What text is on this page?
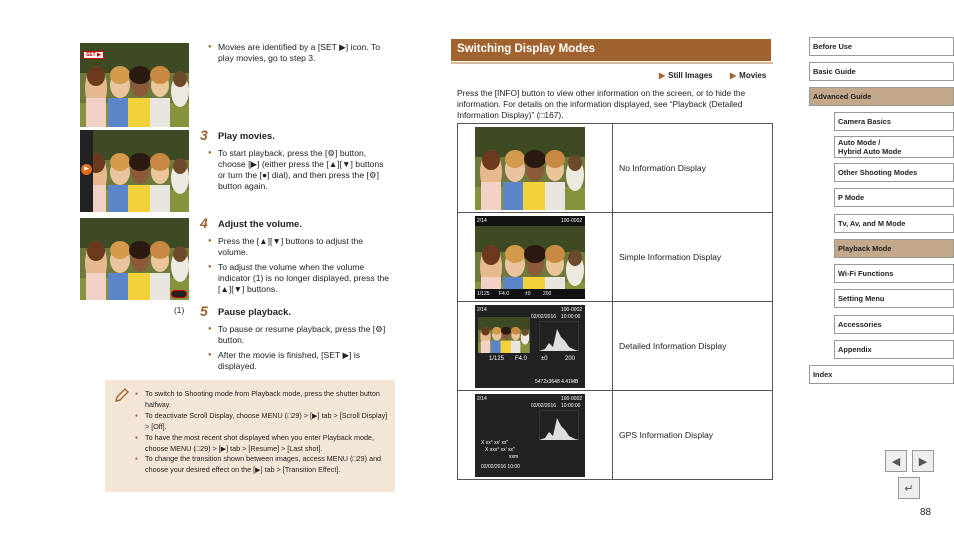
SET ▶
▶
(1)
● Movies are identified by a [SET ▶] icon. To play movies, go to step 3.
3 Play movies.
● To start playback, press the [⚙] button, choose [▶] (either press the [▲][▼] buttons or turn the [●] dial), and then press the [⚙] button again.
4 Adjust the volume.
● Press the [▲][▼] buttons to adjust the volume.
● To adjust the volume when the volume indicator (1) is no longer displayed, press the [▲][▼] buttons.
5 Pause playback.
● To pause or resume playback, press the [⚙] button.
● After the movie is finished, [SET ▶] is displayed.
● To switch to Shooting mode from Playback mode, press the shutter button halfway.
● To deactivate Scroll Display, choose MENU (□29) > [▶] tab > [Scroll Display] > [Off].
● To have the most recent shot displayed when you enter Playback mode, choose MENU (□29) > [▶] tab > [Resume] > [Last shot].
● To change the transition shown between images, access MENU (□29) and choose your desired effect on the [▶] tab > [Transition Effect].
Switching Display Modes
▶ Still Images
▶	Movies
Press the [INFO] button to view other information on the screen, or to hide the information. For details on the information displayed, see “Playback (Detailed Information Display)” (□167).
	No Information Display

2/14	100-0002
1/125 F4.0	±0 200
	Simple Information Display

2/14	100-0002
02/02/2016 10:00:00
1/125 F4.0 ±0	200
5472x3648 4.41MB
	Detailed Information Display

2/14	100-0002
02/02/2016 10:00:00
X xx° xx' xx"
X xxx° xx' xx"
xxm
02/02/2016 10:00
	GPS Information Display
Before Use
Basic Guide
Advanced Guide
Camera Basics
Auto Mode /
Hybrid Auto Mode
Other Shooting Modes
P Mode
Tv, Av, and M Mode
Playback Mode
Wi-Fi Functions
Setting Menu
Accessories
Appendix
Index
◀ ▶
↵
88
